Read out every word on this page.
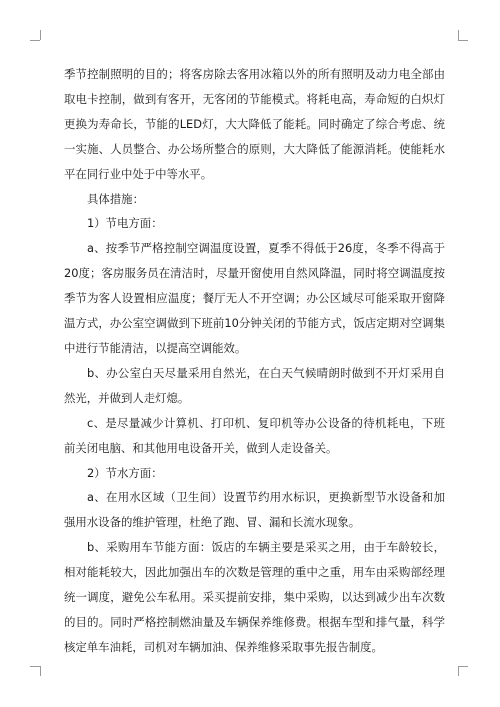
季节控制照明的目的；将客房除去客用冰箱以外的所有照明及动力电全部由取电卡控制，做到有客开，无客闭的节能模式。将耗电高，寿命短的白炽灯更换为寿命长，节能的LED灯，大大降低了能耗。同时确定了综合考虑、统一实施、人员整合、办公场所整合的原则，大大降低了能源消耗。使能耗水平在同行业中处于中等水平。

具体措施：

1）节电方面：

a、按季节严格控制空调温度设置，夏季不得低于26度，冬季不得高于20度；客房服务员在清洁时，尽量开窗使用自然风降温，同时将空调温度按季节为客人设置相应温度；餐厅无人不开空调；办公区域尽可能采取开窗降温方式，办公室空调做到下班前10分钟关闭的节能方式，饭店定期对空调集中进行节能清洁，以提高空调能效。

b、办公室白天尽量采用自然光，在白天气候晴朗时做到不开灯采用自然光，并做到人走灯熄。

c、是尽量减少计算机、打印机、复印机等办公设备的待机耗电，下班前关闭电脑、和其他用电设备开关，做到人走设备关。

2）节水方面：

a、在用水区域（卫生间）设置节约用水标识，更换新型节水设备和加强用水设备的维护管理，杜绝了跑、冒、漏和长流水现象。

b、采购用车节能方面：饭店的车辆主要是采买之用，由于车龄较长，相对能耗较大，因此加强出车的次数是管理的重中之重，用车由采购部经理统一调度，避免公车私用。采买提前安排，集中采购，以达到减少出车次数的目的。同时严格控制燃油量及车辆保养维修费。根据车型和排气量，科学核定单车油耗，司机对车辆加油、保养维修采取事先报告制度。
